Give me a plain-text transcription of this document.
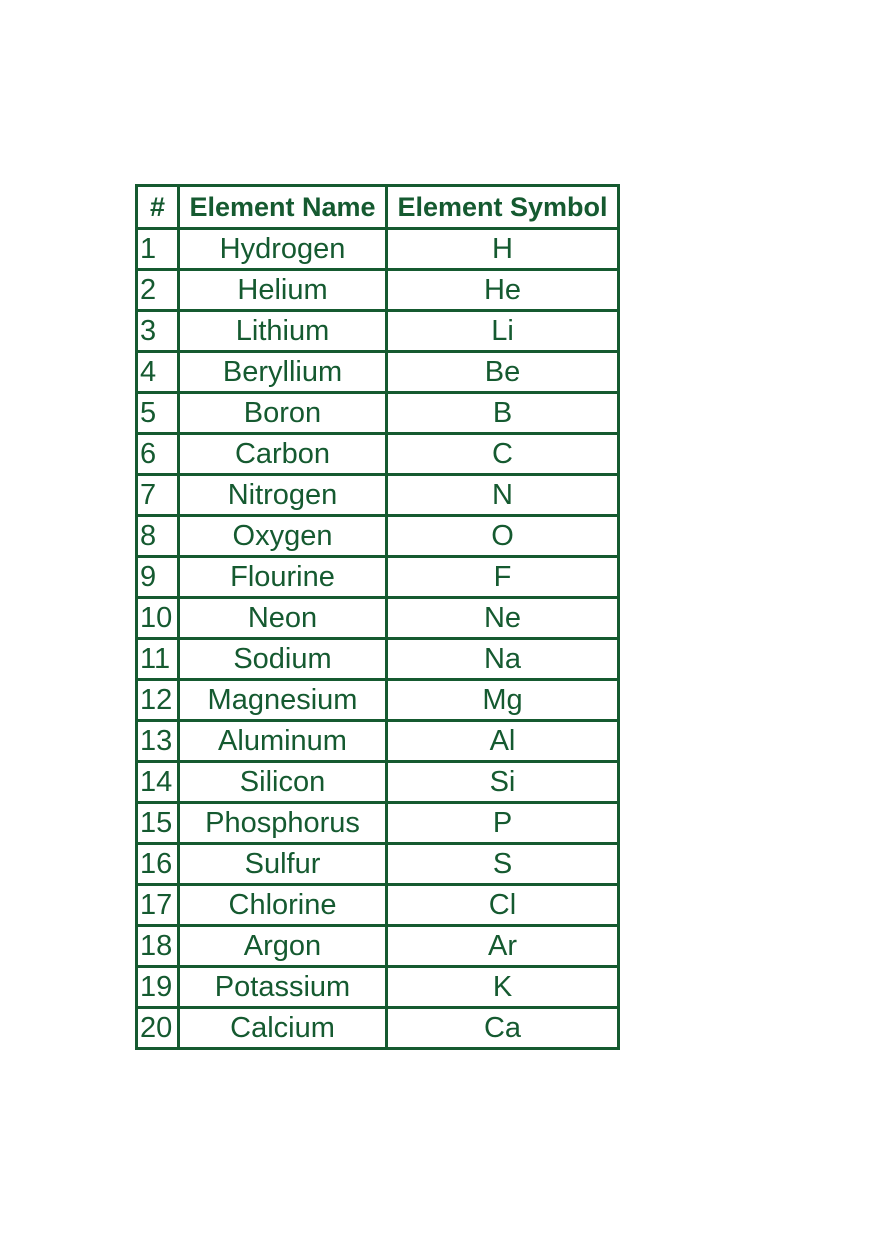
#	Element Name	Element Symbol
1	Hydrogen	H
2	Helium	He
3	Lithium	Li
4	Beryllium	Be
5	Boron	B
6	Carbon	C
7	Nitrogen	N
8	Oxygen	O
9	Flourine	F
10	Neon	Ne
11	Sodium	Na
12	Magnesium	Mg
13	Aluminum	Al
14	Silicon	Si
15	Phosphorus	P
16	Sulfur	S
17	Chlorine	Cl
18	Argon	Ar
19	Potassium	K
20	Calcium	Ca
